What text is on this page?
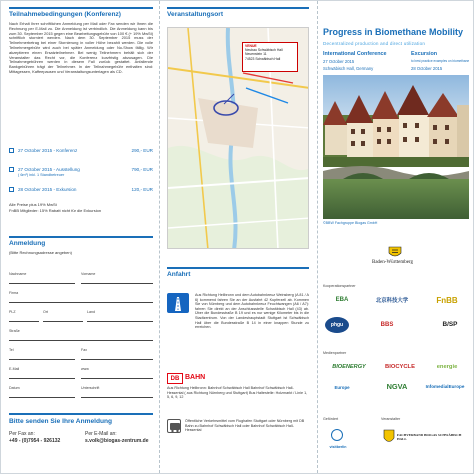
Teilnahmebedingungen (Konferenz)
Nach Erhalt Ihrer schriftlichen Anmeldung per Mail oder Fax senden wir Ihnen die Rechnung per E-Mail zu. Die Anmeldung ist verbindlich. Die Anmeldung kann bis zum 30. September 2015 gegen eine Bearbeitungsgebühr von 100 € (+ 19% MwSt) schriftlich storniert werden. Nach dem 30. September 2015 muss der Teilnehmerbetrag bei einer Stornierung in voller Höhe bezahlt werden. Die volle Teilnehmergebühr wird auch bei später Anmeldung oder No-Show fällig. Wir akzeptieren einen Ersatzteilnehmer. Bei wenig Teilnehmern behält sich der Veranstalter das Recht vor, die Konferenz kurzfristig abzusagen. Die Teilnahmegebühren werden in diesem Fall zurück gestattet. Anfallende Bankgebühren trägt der Teilnehmer. In der Teilnahmegebühr enthalten sind: Mittagessen, Kaffeepausen und Veranstaltungsunterlagen als CD.
27 October 2015 - Konferenz	290,- EUR
27 October 2015 - Ausstellung	790,- EUR
( 6m²) inkl. 1 Standbetreuer
28 October 2015 - Exkursion	120,- EUR
Alle Preise plus 19% MwSt
FnBB Mitglieder: 15% Rabatt nicht für die Exkursion
Anmeldung
(Bitte Rechnungsadresse angeben)
Nachname	Vorname
Firma
PLZ	Ort	Land
Straße
Tel	Fax
E-Mail	www
Datum	Unterschrift
Bitte senden Sie Ihre Anmeldung
Per Fax an:
+49 - (0)7954 - 926132
Per E-Mail an:
s.volk@biogas-zentrum.de
Veranstaltungsort
VENUE
Neubau Schwäbisch Hall
Neuenstein 11
74523 Schwäbisch Hall
Anfahrt
Aus Richtung Heilbronn und dem Autobahnkreuz Weinsberg (A 81 / A 6) kommend fahren Sie an der Ausfahrt 42 Kupferzell ab. Kommen Sie von Nürnberg und dem Autobahnkreuz Feuchtwangen (A6 / A7): fahren Sie direkt an der Anschlussstelle Schwäbisch Hall (43) ab. Über die Bundesstraße B 19 und es nur wenige Kilometer bis in die Stadtzentrum. Von der Landeshauptstadt Stuttgart ist Schwäbisch Hall über die Bundesstraße B 14 in einer knappen Stunde zu erreichen.
DB BAHN
Aus Richtung Heilbronn: Bahnhof Schwäbisch Hall Bahnhof Schwäbisch Hall-Hessental ( aus Richtung Nürnberg und Stuttgart) Bus Haltestelle: Holzmarkt / Linie 1, 5, 6, 9, 12
Öffentliche Verkehrsmittel vom Flughafen Stuttgart oder Nürnberg mit DB Bahn zu Bahnhof Schwäbisch Hall oder Bahnhof Schwäbisch Hall-Hessental
Progress in Biomethane Mobility
Decentralized production and direct utilization
International Conference
27 October 2015
Schwäbisch Hall, Germany
Excursion
to best practice examples on biomethane
28 October 2015
©BBW Fachgruppe Biogas GmbH
Baden-Württemberg
Kooperationspartner
EBA	北京科技大学	FnBB
phgu	BBS	B/SP
Medienpartner
BIOENERGY	BIOCYCLE	energie
Europe	NGVA	InfomedialEurope
Gefördert	Veranstalter
visitberlin
FACHVERBAND BIOGAS SCHWÄBISCH HALL
